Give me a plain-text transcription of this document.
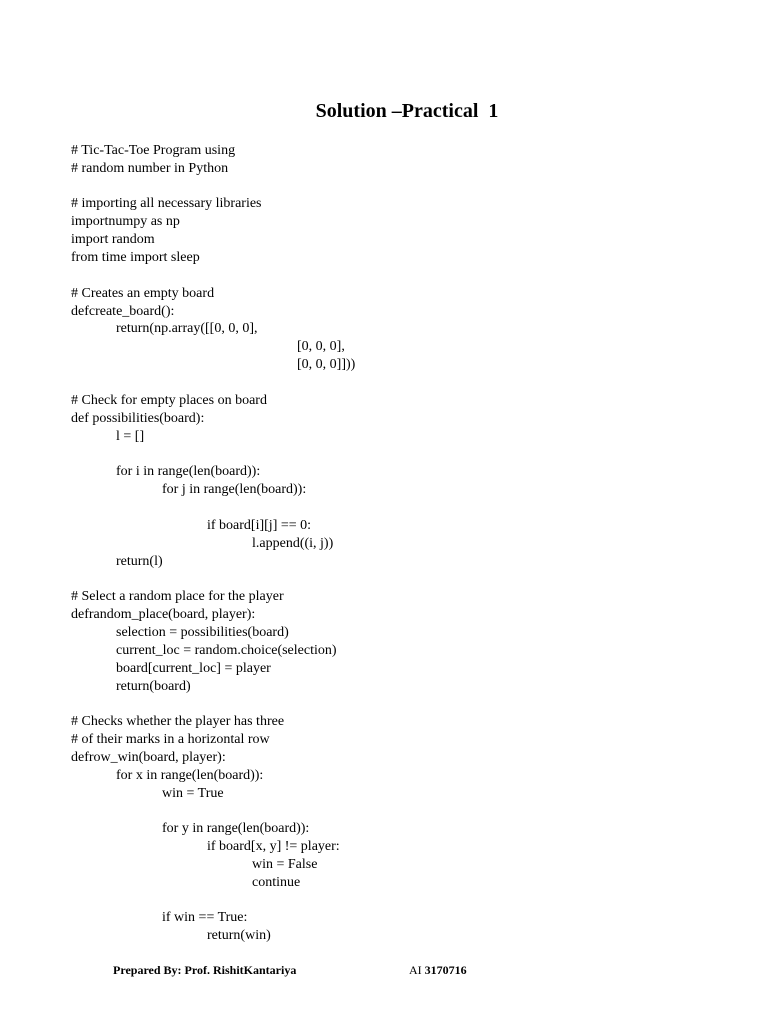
Solution –Practical  1
# Tic-Tac-Toe Program using
# random number in Python
# importing all necessary libraries
importnumpy as np
import random
from time import sleep
# Creates an empty board
defcreate_board():
return(np.array([[0, 0, 0],
[0, 0, 0],
[0, 0, 0]]))
# Check for empty places on board
def possibilities(board):
l = []
for i in range(len(board)):
for j in range(len(board)):
if board[i][j] == 0:
l.append((i, j))
return(l)
# Select a random place for the player
defrandom_place(board, player):
selection = possibilities(board)
current_loc = random.choice(selection)
board[current_loc] = player
return(board)
# Checks whether the player has three
# of their marks in a horizontal row
defrow_win(board, player):
for x in range(len(board)):
win = True
for y in range(len(board)):
if board[x, y] != player:
win = False
continue
if win == True:
return(win)
Prepared By: Prof. RishitKantariya	AI 3170716
